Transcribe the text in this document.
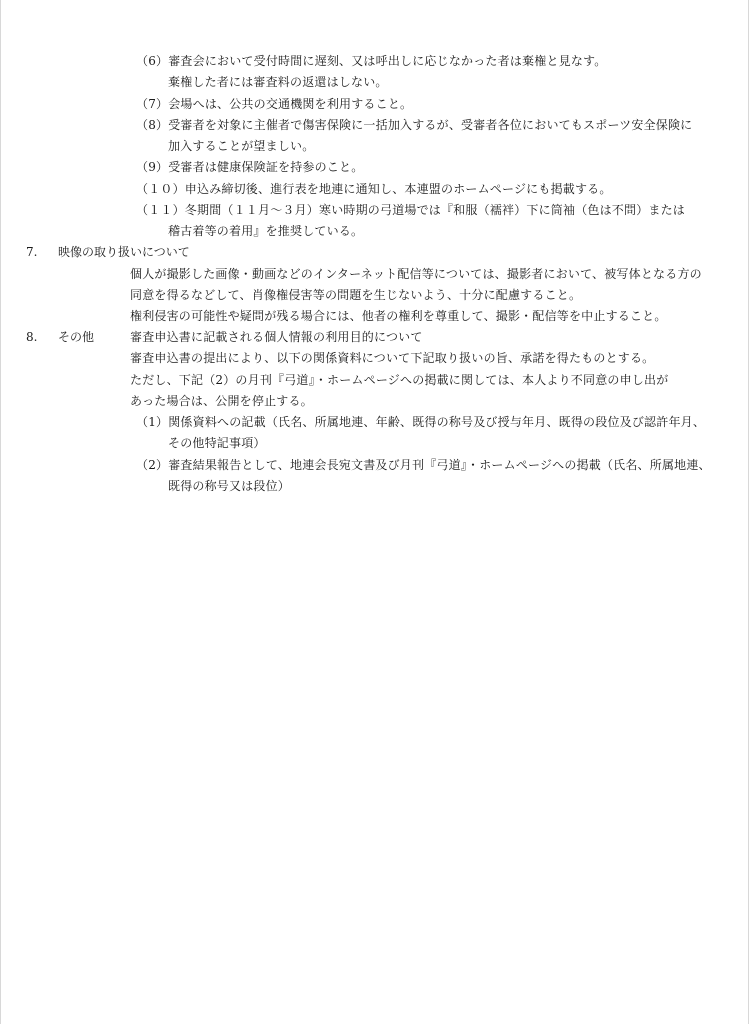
（6）審査会において受付時間に遅刻、又は呼出しに応じなかった者は棄権と見なす。
棄権した者には審査料の返還はしない。
（7）会場へは、公共の交通機関を利用すること。
（8）受審者を対象に主催者で傷害保険に一括加入するが、受審者各位においてもスポーツ安全保険に
加入することが望ましい。
（9）受審者は健康保険証を持参のこと。
（１０）申込み締切後、進行表を地連に通知し、本連盟のホームページにも掲載する。
（１１）冬期間（１１月～３月）寒い時期の弓道場では『和服（襦袢）下に筒袖（色は不問）または
稽古着等の着用』を推奨している。
7. 映像の取り扱いについて
個人が撮影した画像・動画などのインターネット配信等については、撮影者において、被写体となる方の
同意を得るなどして、肖像権侵害等の問題を生じないよう、十分に配慮すること。
権利侵害の可能性や疑問が残る場合には、他者の権利を尊重して、撮影・配信等を中止すること。
8. その他	審査申込書に記載される個人情報の利用目的について
審査申込書の提出により、以下の関係資料について下記取り扱いの旨、承諾を得たものとする。
ただし、下記（2）の月刊『弓道』・ホームページへの掲載に関しては、本人より不同意の申し出が
あった場合は、公開を停止する。
（1）関係資料への記載（氏名、所属地連、年齢、既得の称号及び授与年月、既得の段位及び認許年月、
その他特記事項）
（2）審査結果報告として、地連会長宛文書及び月刊『弓道』・ホームページへの掲載（氏名、所属地連、
既得の称号又は段位）
